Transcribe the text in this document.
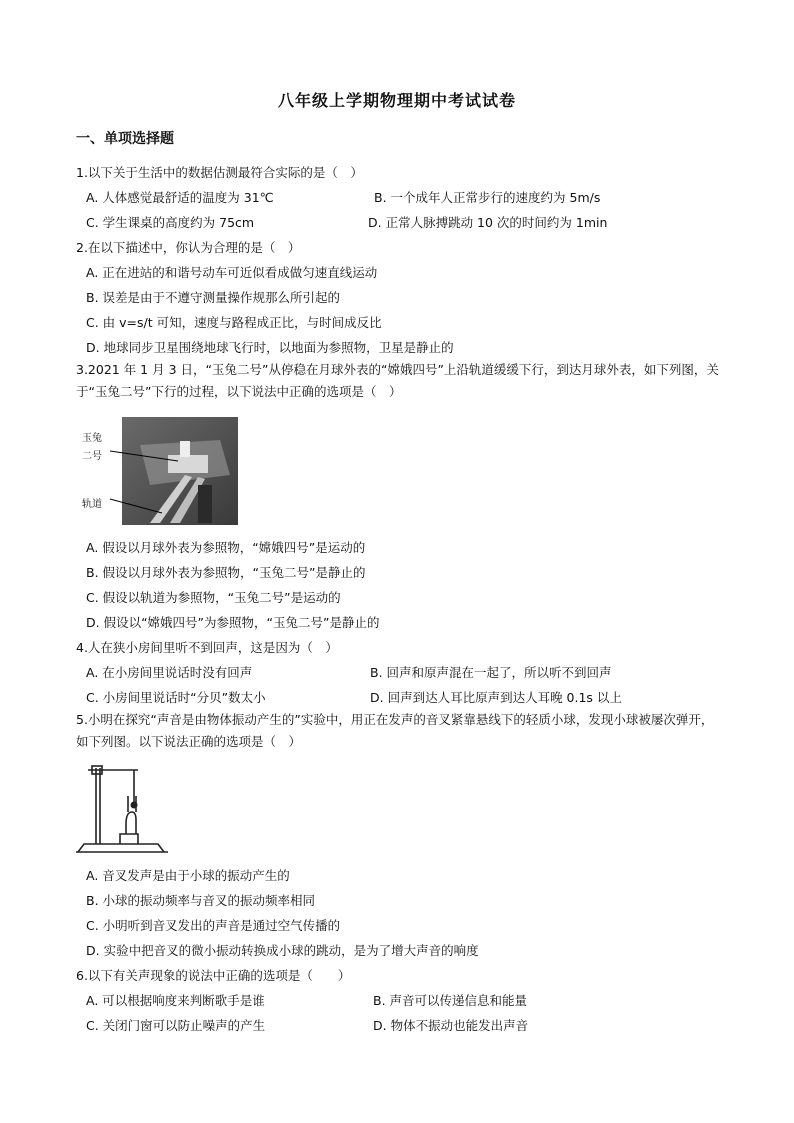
八年级上学期物理期中考试试卷
一、单项选择题
1.以下关于生活中的数据估测最符合实际的是（　）
A. 人体感觉最舒适的温度为 31℃	B. 一个成年人正常步行的速度约为 5m/s
C. 学生课桌的高度约为 75cm	D. 正常人脉搏跳动 10 次的时间约为 1min
2.在以下描述中，你认为合理的是（　）
A. 正在进站的和谐号动车可近似看成做匀速直线运动
B. 误差是由于不遵守测量操作规那么所引起的
C. 由 v=s/t 可知，速度与路程成正比，与时间成反比
D. 地球同步卫星围绕地球飞行时，以地面为参照物，卫星是静止的
3.2021 年 1 月 3 日，“玉兔二号”从停稳在月球外表的“嫦娥四号”上沿轨道缓缓下行，到达月球外表，如下列图，关于“玉兔二号”下行的过程，以下说法中正确的选项是（　）
玉兔
二号
轨道
A. 假设以月球外表为参照物，“嫦娥四号”是运动的
B. 假设以月球外表为参照物，“玉兔二号”是静止的
C. 假设以轨道为参照物，“玉兔二号”是运动的
D. 假设以“嫦娥四号”为参照物，“玉兔二号”是静止的
4.人在狭小房间里听不到回声，这是因为（　）
A. 在小房间里说话时没有回声	B. 回声和原声混在一起了，所以听不到回声
C. 小房间里说话时“分贝”数太小	D. 回声到达人耳比原声到达人耳晚 0.1s 以上
5.小明在探究“声音是由物体振动产生的”实验中，用正在发声的音叉紧靠悬线下的轻质小球，发现小球被屡次弹开，如下列图。以下说法正确的选项是（　）
A. 音叉发声是由于小球的振动产生的
B. 小球的振动频率与音叉的振动频率相同
C. 小明听到音叉发出的声音是通过空气传播的
D. 实验中把音叉的微小振动转换成小球的跳动，是为了增大声音的响度
6.以下有关声现象的说法中正确的选项是（　　）
A. 可以根据响度来判断歌手是谁	B. 声音可以传递信息和能量
C. 关闭门窗可以防止噪声的产生	D. 物体不振动也能发出声音
